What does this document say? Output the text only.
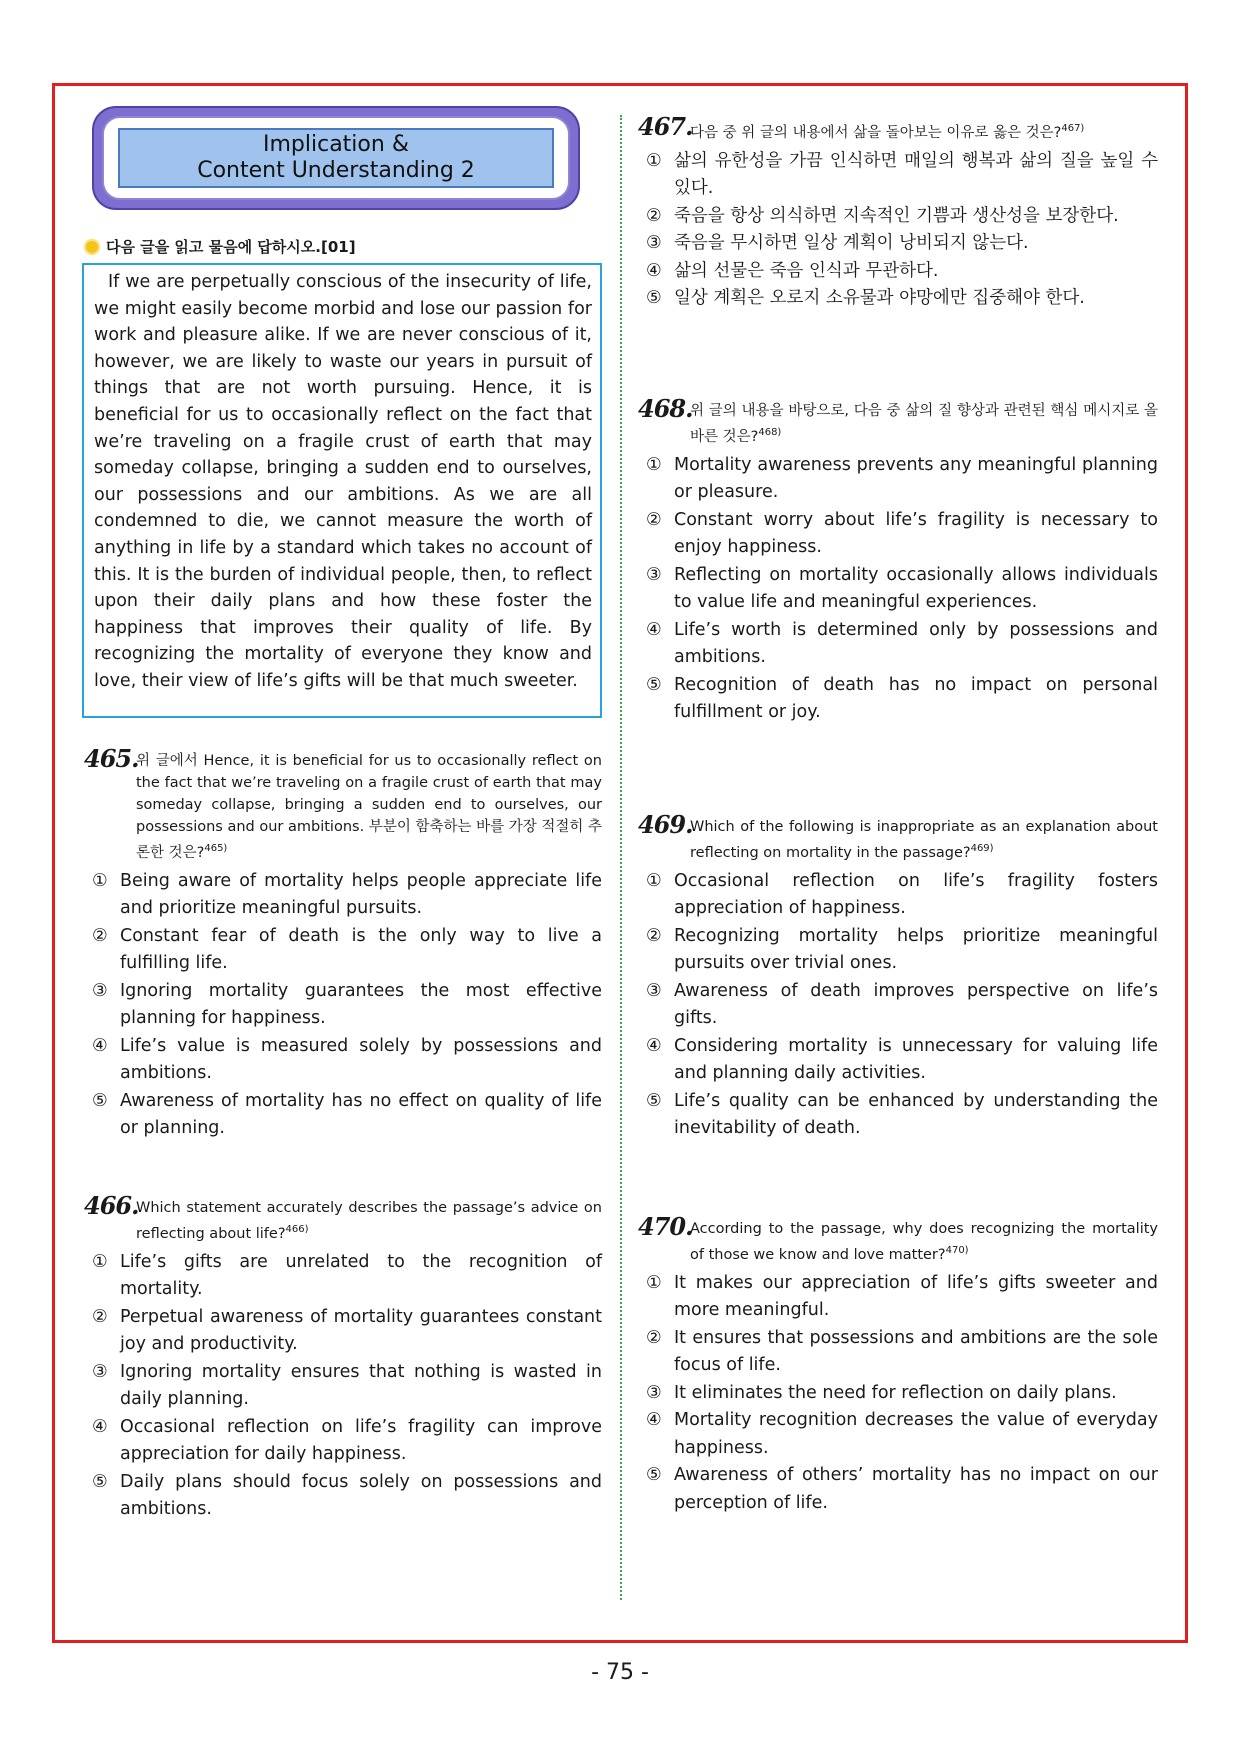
Implication &
Content Understanding 2
다음 글을 읽고 물음에 답하시오.[01]

If we are perpetually conscious of the insecurity of life, we might easily become morbid and lose our passion for work and pleasure alike. If we are never conscious of it, however, we are likely to waste our years in pursuit of things that are not worth pursuing. Hence, it is beneficial for us to occasionally reflect on the fact that we’re traveling on a fragile crust of earth that may someday collapse, bringing a sudden end to ourselves, our possessions and our ambitions. As we are all condemned to die, we cannot measure the worth of anything in life by a standard which takes no account of this. It is the burden of individual people, then, to reflect upon their daily plans and how these foster the happiness that improves their quality of life. By recognizing the mortality of everyone they know and love, their view of life’s gifts will be that much sweeter.

465.

위 글에서 Hence, it is beneficial for us to occasionally reflect on the fact that we’re traveling on a fragile crust of earth that may someday collapse, bringing a sudden end to ourselves, our possessions and our ambitions. 부분이 함축하는 바를 가장 적절히 추론한 것은?$^{465)}$

① Being aware of mortality helps people appreciate life and prioritize meaningful pursuits.
② Constant fear of death is the only way to live a fulfilling life.
③ Ignoring mortality guarantees the most effective planning for happiness.
④ Life’s value is measured solely by possessions and ambitions.
⑤ Awareness of mortality has no effect on quality of life or planning.
466.

Which statement accurately describes the passage’s advice on reflecting about life?$^{466)}$

① Life’s gifts are unrelated to the recognition of mortality.
② Perpetual awareness of mortality guarantees constant joy and productivity.
③ Ignoring mortality ensures that nothing is wasted in daily planning.
④ Occasional reflection on life’s fragility can improve appreciation for daily happiness.
⑤ Daily plans should focus solely on possessions and ambitions.
467.

다음 중 위 글의 내용에서 삶을 돌아보는 이유로 옳은 것은?$^{467)}$

① 삶의 유한성을 가끔 인식하면 매일의 행복과 삶의 질을 높일 수 있다.
② 죽음을 항상 의식하면 지속적인 기쁨과 생산성을 보장한다.
③ 죽음을 무시하면 일상 계획이 낭비되지 않는다.
④ 삶의 선물은 죽음 인식과 무관하다.
⑤ 일상 계획은 오로지 소유물과 야망에만 집중해야 한다.
468.

위 글의 내용을 바탕으로, 다음 중 삶의 질 향상과 관련된 핵심 메시지로 올바른 것은?$^{468)}$

① Mortality awareness prevents any meaningful planning or pleasure.
② Constant worry about life’s fragility is necessary to enjoy happiness.
③ Reflecting on mortality occasionally allows individuals to value life and meaningful experiences.
④ Life’s worth is determined only by possessions and ambitions.
⑤ Recognition of death has no impact on personal fulfillment or joy.
469.

Which of the following is inappropriate as an explanation about reflecting on mortality in the passage?$^{469)}$

① Occasional reflection on life’s fragility fosters appreciation of happiness.
② Recognizing mortality helps prioritize meaningful pursuits over trivial ones.
③ Awareness of death improves perspective on life’s gifts.
④ Considering mortality is unnecessary for valuing life and planning daily activities.
⑤ Life’s quality can be enhanced by understanding the inevitability of death.
470.

According to the passage, why does recognizing the mortality of those we know and love matter?$^{470)}$

① It makes our appreciation of life’s gifts sweeter and more meaningful.
② It ensures that possessions and ambitions are the sole focus of life.
③ It eliminates the need for reflection on daily plans.
④ Mortality recognition decreases the value of everyday happiness.
⑤ Awareness of others’ mortality has no impact on our perception of life.
- 75 -
